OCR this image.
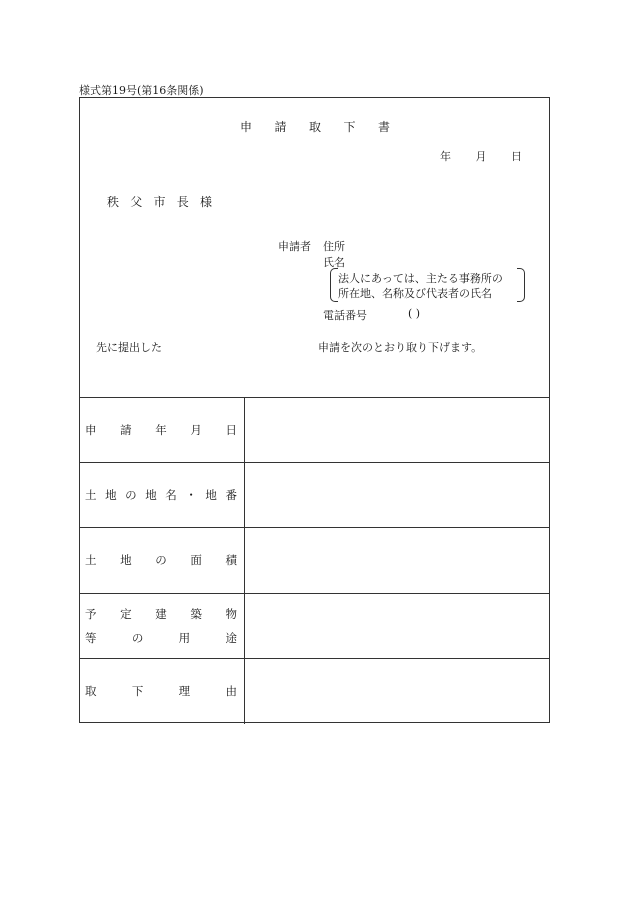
様式第19号(第16条関係)
申 請 取 下 書
年 月 日
秩 父 市 長 様
申請者 住所
氏名
法人にあっては、主たる事務所の
所在地、名称及び代表者の氏名
電話番号	( )
先に提出した	申請を次のとおり取り下げます。
申 請 年 月 日
土 地 の 地 名 ・ 地 番
土 地 の 面 積
予 定 建 築 物
等	の	用	途
取	下	理	由
